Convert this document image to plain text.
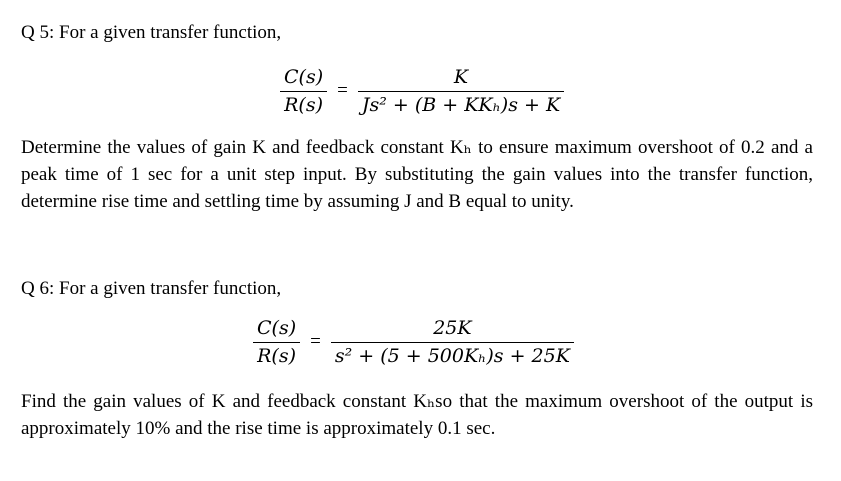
Q 5: For a given transfer function,
$\frac{C(s)}{R(s)} = \frac{K}{\text{Js² + (B + KKₕ)s + K}}$
Determine the values of gain K and feedback constant Kₕ to ensure maximum overshoot of 0.2 and a peak time of 1 sec for a unit step input. By substituting the gain values into the transfer function, determine rise time and settling time by assuming J and B equal to unity.
Q 6: For a given transfer function,
$\frac{C(s)}{R(s)} = \frac{25K}{\text{s² + (5 + 500Kₕ)s + 25K}}$
Find the gain values of K and feedback constant Kₕso that the maximum overshoot of the output is approximately 10% and the rise time is approximately 0.1 sec.
